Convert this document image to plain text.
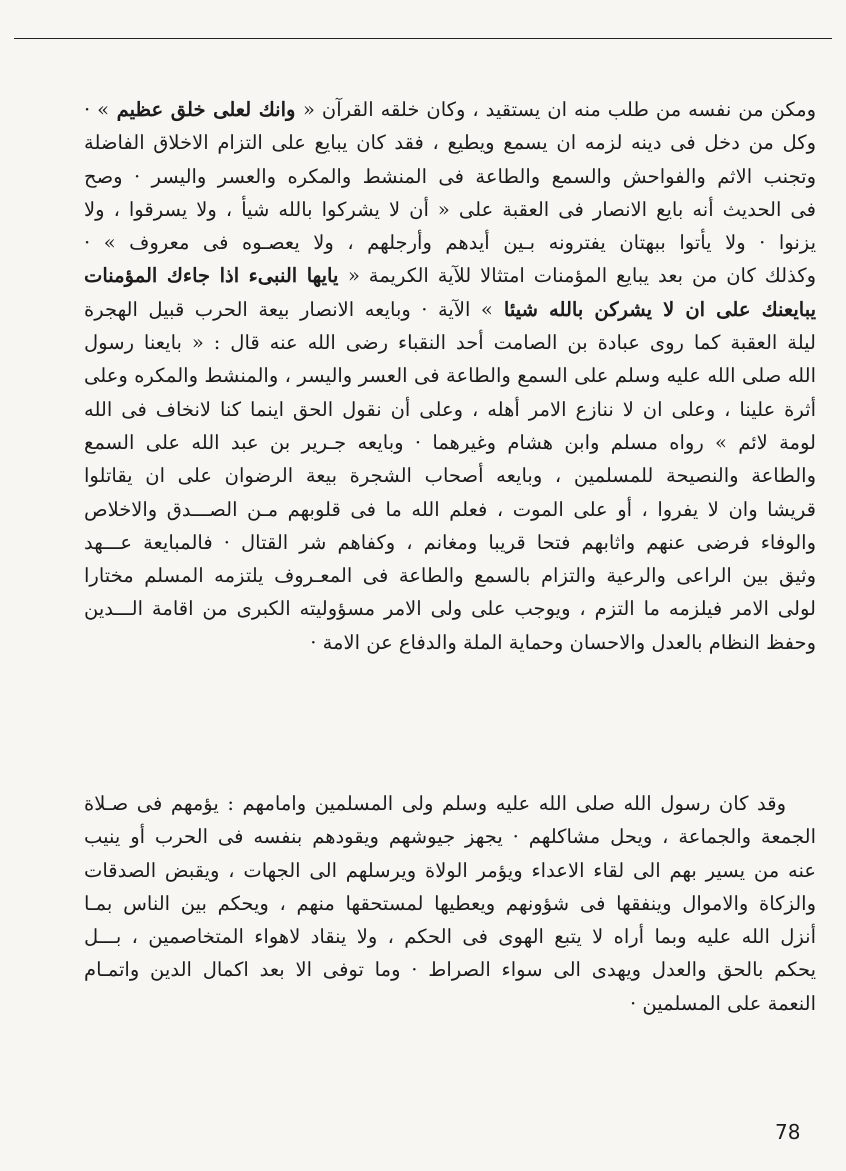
ومكن من نفسه من طلب منه ان يستقيد ، وكان خلقه القرآن « وانك لعلى خلق عظيم » ·
وكل من دخل فى دينه لزمه ان يسمع ويطيع ، فقد كان يبايع على التزام الاخلاق الفاضلة
وتجنب الاثم والفواحش والسمع والطاعة فى المنشط والمكره والعسر واليسر · وصح
فى الحديث أنه بايع الانصار فى العقبة على « أن لا يشركوا بالله شيأ ، ولا يسرقوا ، ولا
يزنوا · ولا يأتوا ببهتان يفترونه بـين أيدهم وأرجلهم ، ولا يعصـوه فى معروف » ·
وكذلك كان من بعد يبايع المؤمنات امتثالا للآية الكريمة « يايها النبىء اذا جاءك المؤمنات
يبايعنك على ان لا يشركن بالله شيئا » الآية · وبايعه الانصار بيعة الحرب قبيل الهجرة
ليلة العقبة كما روى عبادة بن الصامت أحد النقباء رضى الله عنه قال : « بايعنا رسول
الله صلى الله عليه وسلم على السمع والطاعة فى العسر واليسر ، والمنشط والمكره وعلى
أثرة علينا ، وعلى ان لا ننازع الامر أهله ، وعلى أن نقول الحق اينما كنا لانخاف فى الله
لومة لائم » رواه مسلم وابن هشام وغيرهما · وبايعه جـرير بن عبد الله على السمع
والطاعة والنصيحة للمسلمين ، وبايعه أصحاب الشجرة بيعة الرضوان على ان يقاتلوا
قريشا وان لا يفروا ، أو على الموت ، فعلم الله ما فى قلوبهم مـن الصـــدق والاخلاص
والوفاء فرضى عنهم واثابهم فتحا قريبا ومغانم ، وكفاهم شر القتال · فالمبايعة عـــهد
وثيق بين الراعى والرعية والتزام بالسمع والطاعة فى المعـروف يلتزمه المسلم مختارا
لولى الامر فيلزمه ما التزم ، ويوجب على ولى الامر مسؤوليته الكبرى من اقامة الـــدين
وحفظ النظام بالعدل والاحسان وحماية الملة والدفاع عن الامة ·
وقد كان رسول الله صلى الله عليه وسلم ولى المسلمين وامامهم : يؤمهم فى صـلاة
الجمعة والجماعة ، ويحل مشاكلهم · يجهز جيوشهم ويقودهم بنفسه فى الحرب أو ينيب
عنه من يسير بهم الى لقاء الاعداء ويؤمر الولاة ويرسلهم الى الجهات ، ويقبض الصدقات
والزكاة والاموال وينفقها فى شؤونهم ويعطيها لمستحقها منهم ، ويحكم بين الناس بمـا
أنزل الله عليه وبما أراه لا يتبع الهوى فى الحكم ، ولا ينقاد لاهواء المتخاصمين ، بـــل
يحكم بالحق والعدل ويهدى الى سواء الصراط · وما توفى الا بعد اكمال الدين واتمـام
النعمة على المسلمين ·
78
